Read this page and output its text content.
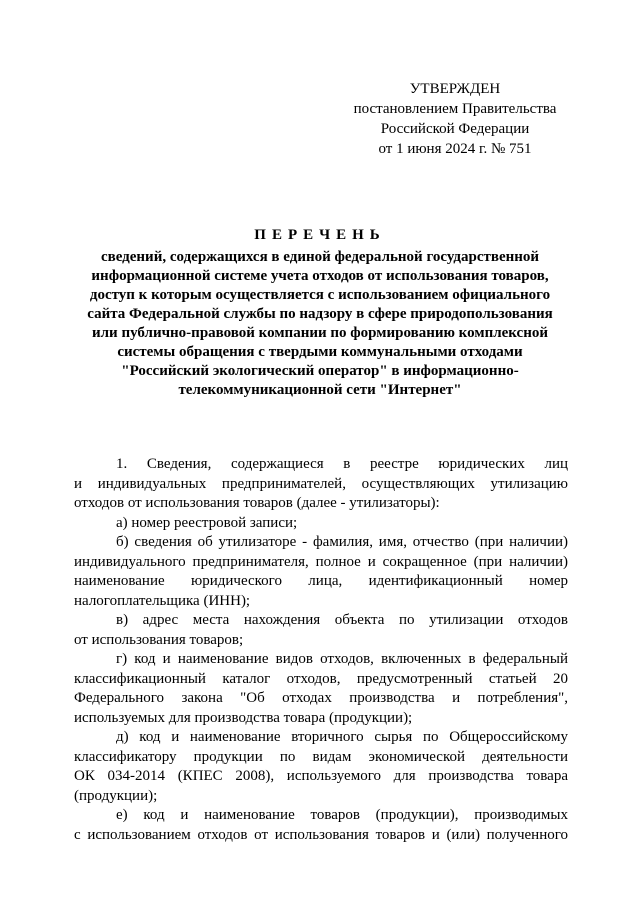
УТВЕРЖДЕН
постановлением Правительства
Российской Федерации
от 1 июня 2024 г. № 751
ПЕРЕЧЕНЬ
сведений, содержащихся в единой федеральной государственной
информационной системе учета отходов от использования товаров,
доступ к которым осуществляется с использованием официального
сайта Федеральной службы по надзору в сфере природопользования
или публично-правовой компании по формированию комплексной
системы обращения с твердыми коммунальными отходами
"Российский экологический оператор" в информационно-
телекоммуникационной сети "Интернет"

1. Сведения, содержащиеся в реестре юридических лиц
и индивидуальных предпринимателей, осуществляющих утилизацию
отходов от использования товаров (далее - утилизаторы):

а) номер реестровой записи;

б) сведения об утилизаторе - фамилия, имя, отчество (при наличии)
индивидуального предпринимателя, полное и сокращенное (при наличии)
наименование юридического лица, идентификационный номер
налогоплательщика (ИНН);

в) адрес места нахождения объекта по утилизации отходов
от использования товаров;

г) код и наименование видов отходов, включенных в федеральный
классификационный каталог отходов, предусмотренный статьей 20
Федерального закона "Об отходах производства и потребления",
используемых для производства товара (продукции);

д) код и наименование вторичного сырья по Общероссийскому
классификатору продукции по видам экономической деятельности
ОК 034-2014 (КПЕС 2008), используемого для производства товара
(продукции);

е) код и наименование товаров (продукции), производимых
с использованием отходов от использования товаров и (или) полученного
